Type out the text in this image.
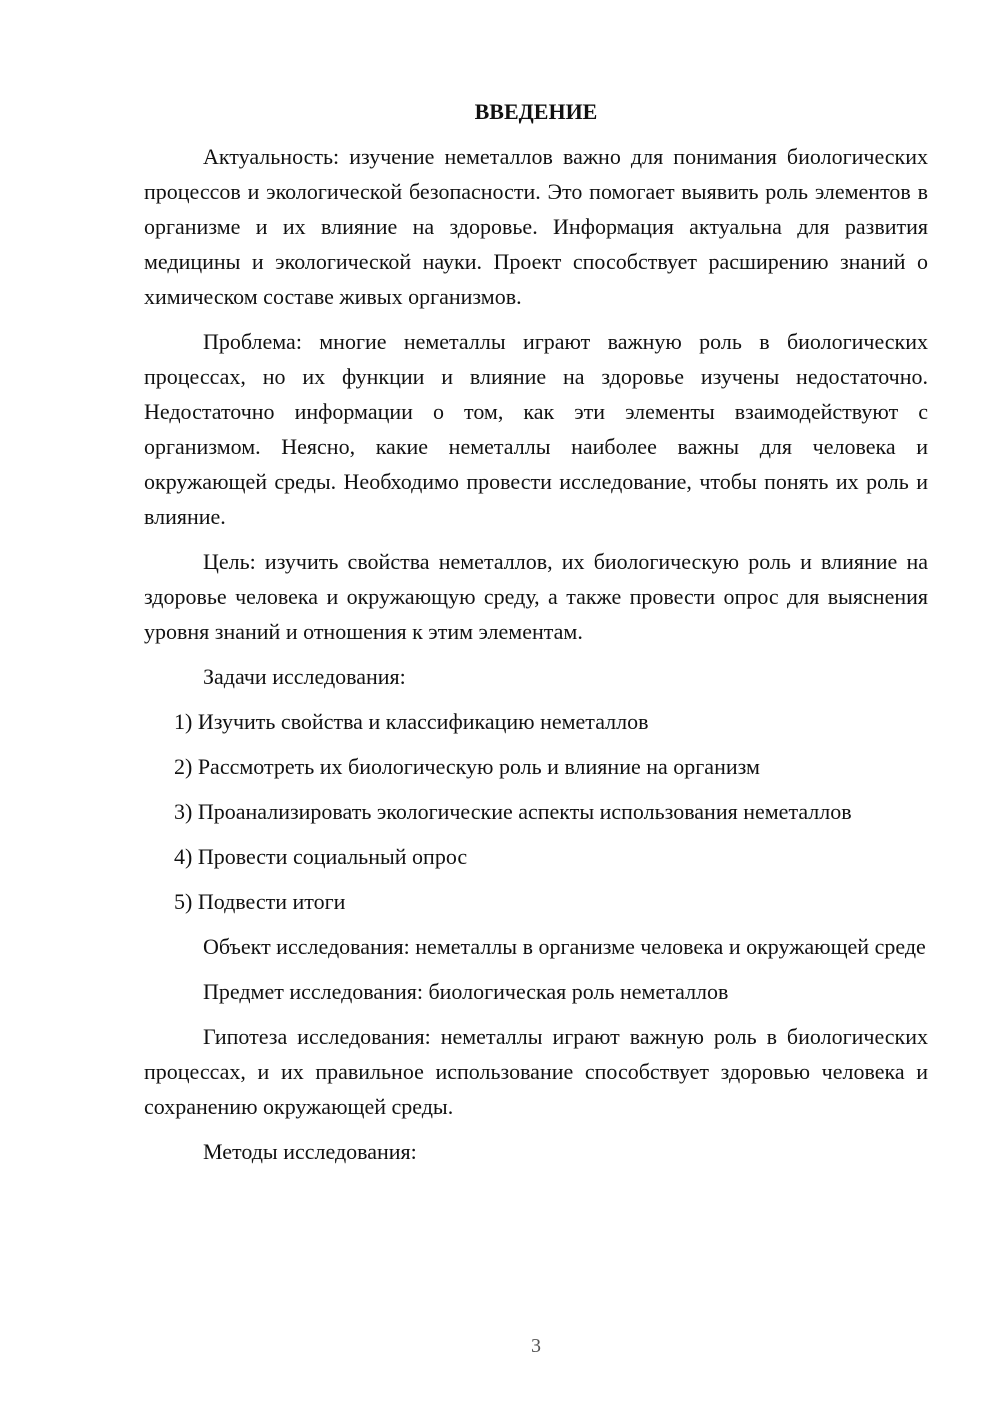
ВВЕДЕНИЕ

Актуальность: изучение неметаллов важно для понимания биологических процессов и экологической безопасности. Это помогает выявить роль элементов в организме и их влияние на здоровье. Информация актуальна для развития медицины и экологической науки. Проект способствует расширению знаний о химическом составе живых организмов.

Проблема: многие неметаллы играют важную роль в биологических процессах, но их функции и влияние на здоровье изучены недостаточно. Недостаточно информации о том, как эти элементы взаимодействуют с организмом. Неясно, какие неметаллы наиболее важны для человека и окружающей среды. Необходимо провести исследование, чтобы понять их роль и влияние.

Цель: изучить свойства неметаллов, их биологическую роль и влияние на здоровье человека и окружающую среду, а также провести опрос для выяснения уровня знаний и отношения к этим элементам.

Задачи исследования:

1) Изучить свойства и классификацию неметаллов

2) Рассмотреть их биологическую роль и влияние на организм

3) Проанализировать экологические аспекты использования неметаллов

4) Провести социальный опрос

5) Подвести итоги

Объект исследования: неметаллы в организме человека и окружающей среде

Предмет исследования: биологическая роль неметаллов

Гипотеза исследования: неметаллы играют важную роль в биологических процессах, и их правильное использование способствует здоровью человека и сохранению окружающей среды.

Методы исследования:

3
